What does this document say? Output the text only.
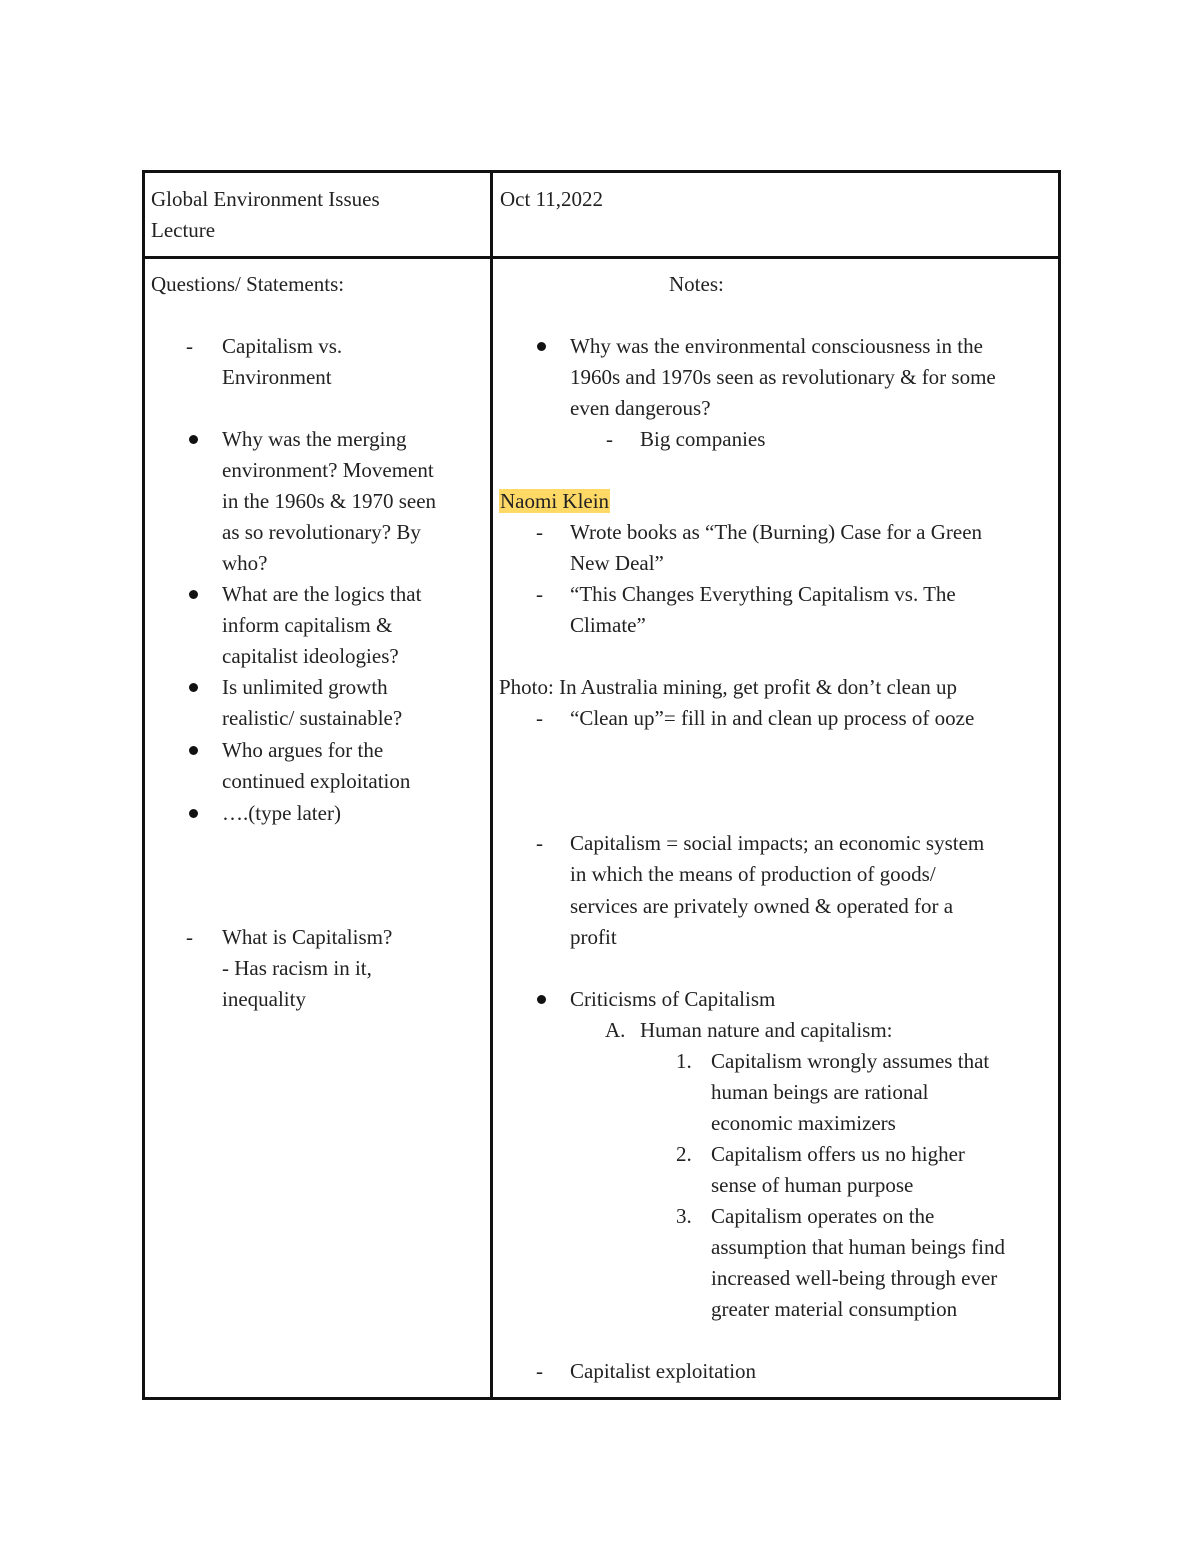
Global Environment Issues
Lecture
Oct 11,2022
Questions/ Statements:
- Capitalism vs.
Environment
Why was the merging
environment? Movement
in the 1960s & 1970 seen
as so revolutionary? By
who?
What are the logics that
inform capitalism &
capitalist ideologies?
Is unlimited growth
realistic/ sustainable?
Who argues for the
continued exploitation
….(type later)
- What is Capitalism?
- Has racism in it,
inequality
Notes:
Why was the environmental consciousness in the
1960s and 1970s seen as revolutionary & for some
even dangerous?
- Big companies
Naomi Klein
- Wrote books as “The (Burning) Case for a Green
New Deal”
- “This Changes Everything Capitalism vs. The
Climate”
Photo: In Australia mining, get profit & don’t clean up
- “Clean up”= fill in and clean up process of ooze
- Capitalism = social impacts; an economic system
in which the means of production of goods/
services are privately owned & operated for a
profit
Criticisms of Capitalism
A. Human nature and capitalism:
1. Capitalism wrongly assumes that
human beings are rational
economic maximizers
2. Capitalism offers us no higher
sense of human purpose
3. Capitalism operates on the
assumption that human beings find
increased well-being through ever
greater material consumption
- Capitalist exploitation
